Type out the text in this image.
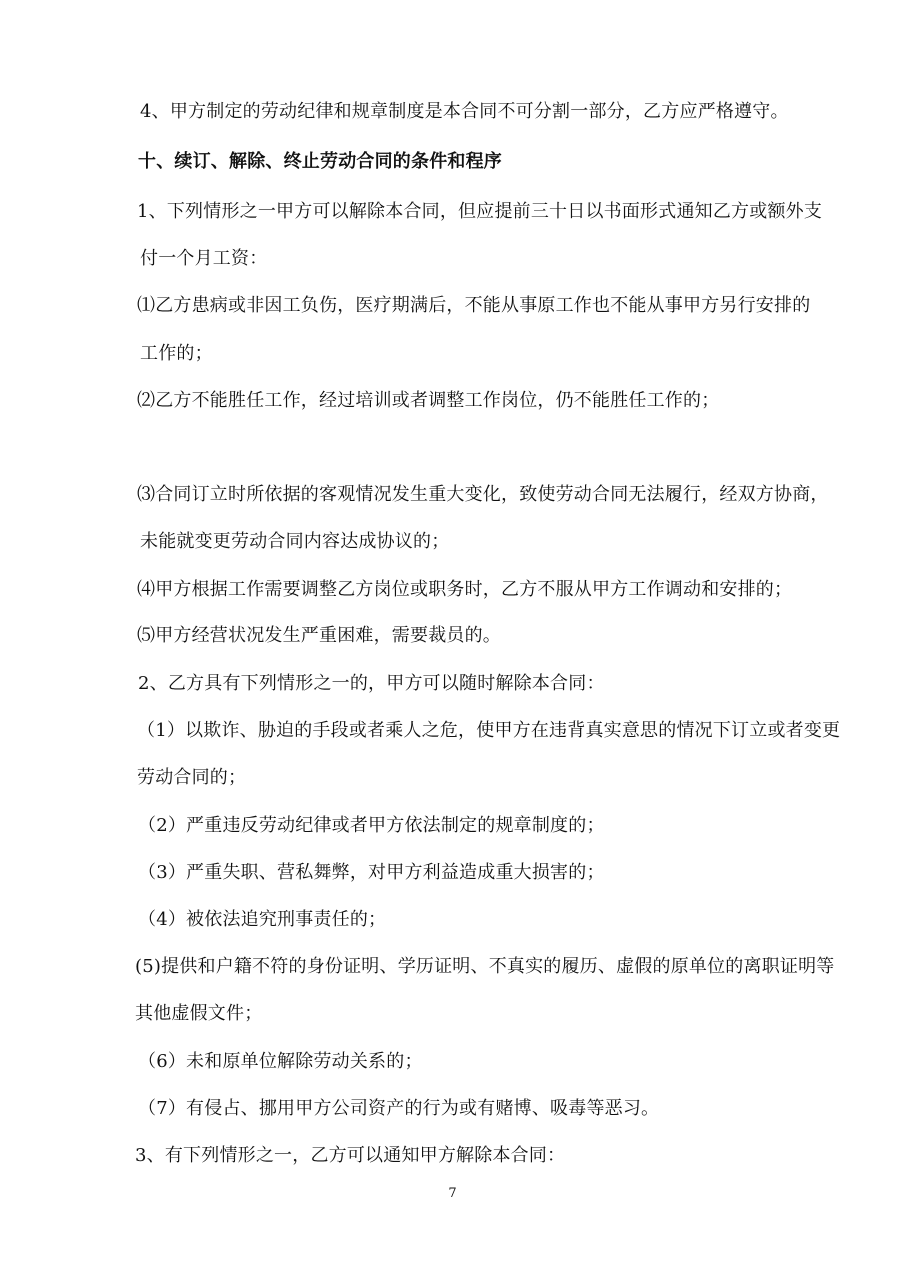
4、甲方制定的劳动纪律和规章制度是本合同不可分割一部分，乙方应严格遵守。
十、续订、解除、终止劳动合同的条件和程序
1、下列情形之一甲方可以解除本合同，但应提前三十日以书面形式通知乙方或额外支
付一个月工资：
⑴乙方患病或非因工负伤，医疗期满后，不能从事原工作也不能从事甲方另行安排的
工作的；
⑵乙方不能胜任工作，经过培训或者调整工作岗位，仍不能胜任工作的；
⑶合同订立时所依据的客观情况发生重大变化，致使劳动合同无法履行，经双方协商，
未能就变更劳动合同内容达成协议的；
⑷甲方根据工作需要调整乙方岗位或职务时，乙方不服从甲方工作调动和安排的；
⑸甲方经营状况发生严重困难，需要裁员的。
2、乙方具有下列情形之一的，甲方可以随时解除本合同：
（1）以欺诈、胁迫的手段或者乘人之危，使甲方在违背真实意思的情况下订立或者变更
劳动合同的；
（2）严重违反劳动纪律或者甲方依法制定的规章制度的；
（3）严重失职、营私舞弊，对甲方利益造成重大损害的；
（4）被依法追究刑事责任的；
(5)提供和户籍不符的身份证明、学历证明、不真实的履历、虚假的原单位的离职证明等
其他虚假文件；
（6）未和原单位解除劳动关系的；
（7）有侵占、挪用甲方公司资产的行为或有赌博、吸毒等恶习。
3、有下列情形之一，乙方可以通知甲方解除本合同：
7
